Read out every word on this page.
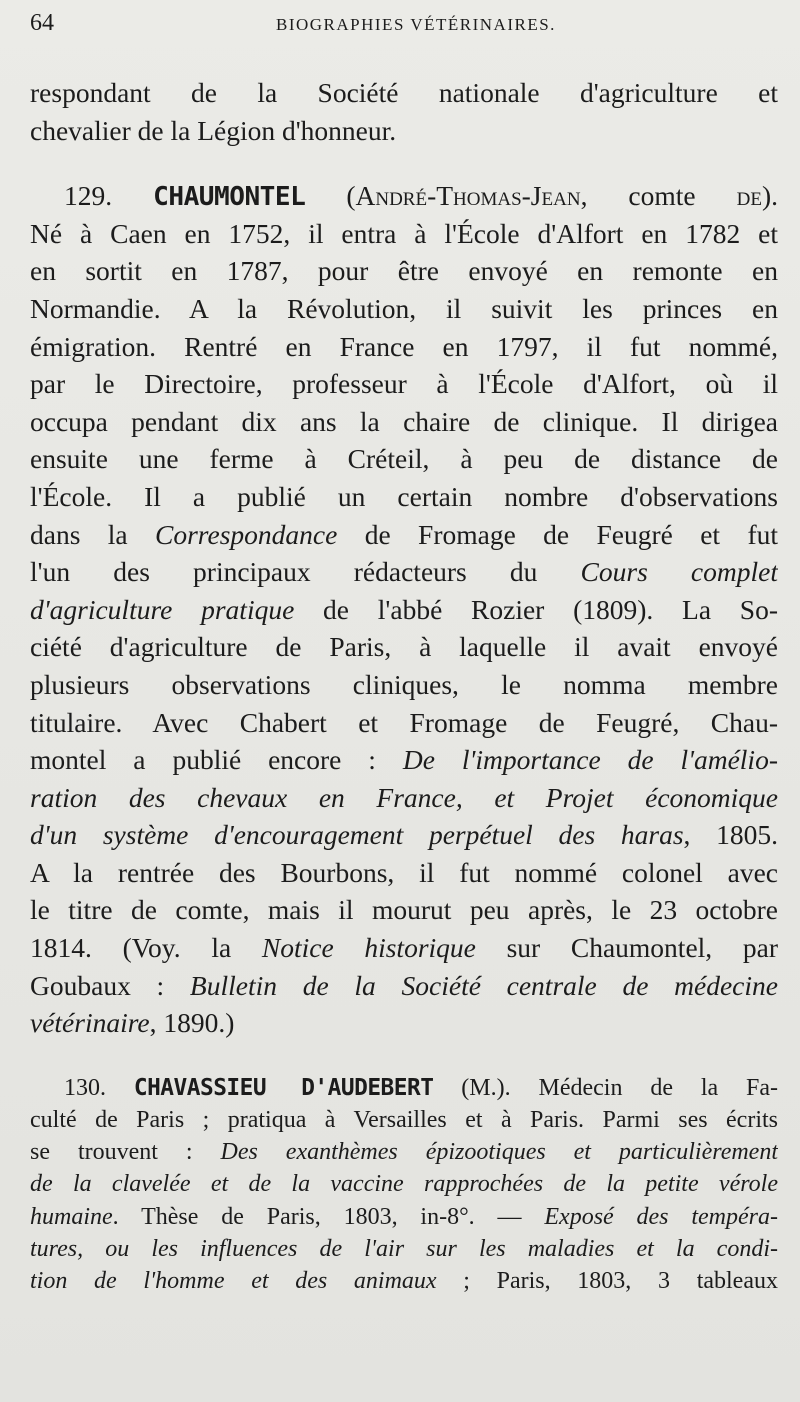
64	BIOGRAPHIES VÉTÉRINAIRES.
respondant de la Société nationale d'agriculture et
chevalier de la Légion d'honneur.
129. CHAUMONTEL (André-Thomas-Jean, comte de).
Né à Caen en 1752, il entra à l'École d'Alfort en 1782 et
en sortit en 1787, pour être envoyé en remonte en
Normandie. A la Révolution, il suivit les princes en
émigration. Rentré en France en 1797, il fut nommé,
par le Directoire, professeur à l'École d'Alfort, où il
occupa pendant dix ans la chaire de clinique. Il dirigea
ensuite une ferme à Créteil, à peu de distance de
l'École. Il a publié un certain nombre d'observations
dans la Correspondance de Fromage de Feugré et fut
l'un des principaux rédacteurs du Cours complet
d'agriculture pratique de l'abbé Rozier (1809). La So-
ciété d'agriculture de Paris, à laquelle il avait envoyé
plusieurs observations cliniques, le nomma membre
titulaire. Avec Chabert et Fromage de Feugré, Chau-
montel a publié encore : De l'importance de l'amélio-
ration des chevaux en France, et Projet économique
d'un système d'encouragement perpétuel des haras, 1805.
A la rentrée des Bourbons, il fut nommé colonel avec
le titre de comte, mais il mourut peu après, le 23 octobre
1814. (Voy. la Notice historique sur Chaumontel, par
Goubaux : Bulletin de la Société centrale de médecine
vétérinaire, 1890.)
130. CHAVASSIEU D'AUDEBERT (M.). Médecin de la Fa-
culté de Paris ; pratiqua à Versailles et à Paris. Parmi ses écrits
se trouvent : Des exanthèmes épizootiques et particulièrement
de la clavelée et de la vaccine rapprochées de la petite vérole
humaine. Thèse de Paris, 1803, in-8°. — Exposé des tempéra-
tures, ou les influences de l'air sur les maladies et la condi-
tion de l'homme et des animaux ; Paris, 1803, 3 tableaux
